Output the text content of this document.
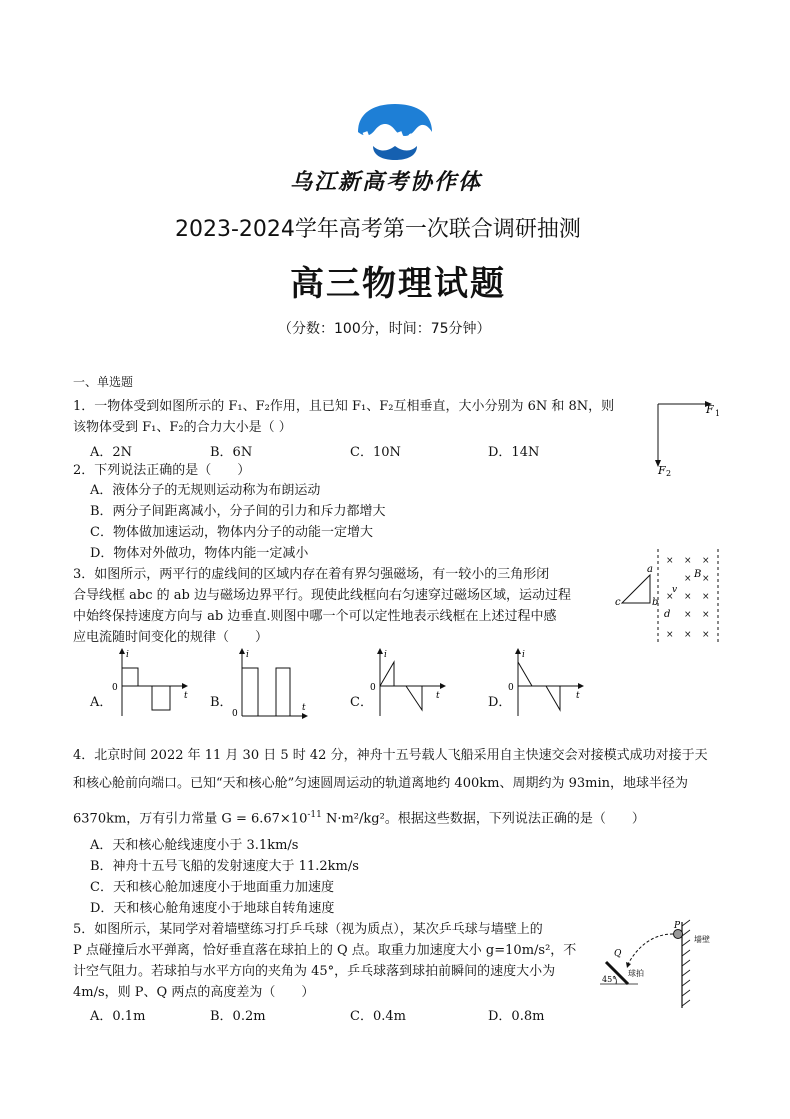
乌江新高考协作体
2023-2024学年高考第一次联合调研抽测
高三物理试题
（分数：100分，时间：75分钟）
一、单选题
1．一物体受到如图所示的 F₁、F₂作用，且已知 F₁、F₂互相垂直，大小分别为 6N 和 8N，则
该物体受到 F₁、F₂的合力大小是（ ）
A．2N	B．6N	C．10N	D．14N
F 1
F 2
2．下列说法正确的是（　　）
A．液体分子的无规则运动称为布朗运动
B．两分子间距离减小，分子间的引力和斥力都增大
C．物体做加速运动，物体内分子的动能一定增大
D．物体对外做功，物体内能一定减小
3．如图所示，两平行的虚线间的区域内存在着有界匀强磁场，有一较小的三角形闭
合导线框 abc 的 ab 边与磁场边界平行。现使此线框向右匀速穿过磁场区域，运动过程
中始终保持速度方向与 ab 边垂直.则图中哪一个可以定性地表示线框在上述过程中感
应电流随时间变化的规律（　　）
a
b
c
d
B
v
× × ×
× ×
× ×
×
× ×
× × ×
A．
i
0
t B．
i
0
t	C．
i
0
t	D．
i
0
t
4．北京时间 2022 年 11 月 30 日 5 时 42 分，神舟十五号载人飞船采用自主快速交会对接模式成功对接于天
和核心舱前向端口。已知“天和核心舱”匀速圆周运动的轨道离地约 400km、周期约为 93min，地球半径为
6370km，万有引力常量 $G = 6.67\times 10^{-11}$ N·m²/kg²。根据这些数据，下列说法正确的是（　　）
A．天和核心舱线速度小于 3.1km/s
B．神舟十五号飞船的发射速度大于 11.2km/s
C．天和核心舱加速度小于地面重力加速度
D．天和核心舱角速度小于地球自转角速度
5．如图所示，某同学对着墙壁练习打乒乓球（视为质点），某次乒乓球与墙壁上的
P 点碰撞后水平弹离，恰好垂直落在球拍上的 Q 点。取重力加速度大小 g=10m/s²，不
计空气阻力。若球拍与水平方向的夹角为 45°，乒乓球落到球拍前瞬间的速度大小为
4m/s，则 P、Q 两点的高度差为（　　）
A．0.1m	B．0.2m	C．0.4m	D．0.8m
P
Q
45°
球拍
墙壁
